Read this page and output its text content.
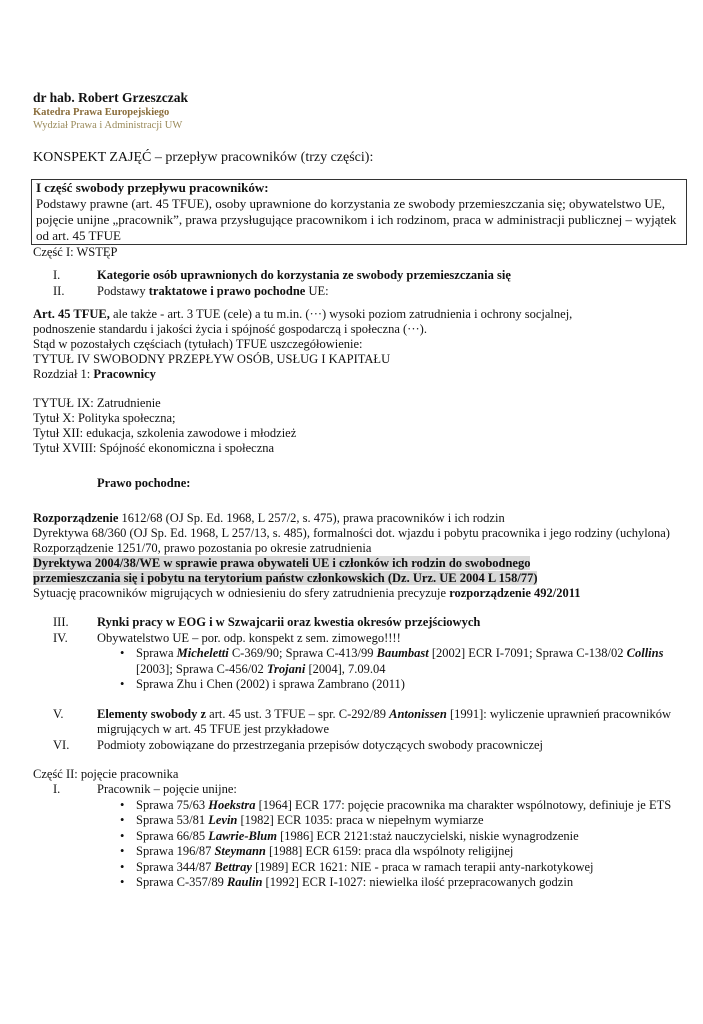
dr hab. Robert Grzeszczak
Katedra Prawa Europejskiego
Wydział Prawa i Administracji UW
KONSPEKT ZAJĘĆ – przepływ pracowników (trzy części):
I część swobody przepływu pracowników:
Podstawy prawne (art. 45 TFUE), osoby uprawnione do korzystania ze swobody przemieszczania się; obywatelstwo UE, pojęcie unijne „pracownik”, prawa przysługujące pracownikom i ich rodzinom, praca w administracji publicznej – wyjątek od art. 45 TFUE
Część I: WSTĘP
I.	Kategorie osób uprawnionych do korzystania ze swobody przemieszczania się
II.	Podstawy traktatowe i prawo pochodne UE:
Art. 45 TFUE, ale także - art. 3 TUE (cele) a tu m.in. (···) wysoki poziom zatrudnienia i ochrony socjalnej,
podnoszenie standardu i jakości życia i spójność gospodarczą i społeczna (···).
Stąd w pozostałych częściach (tytułach) TFUE uszczegółowienie:
TYTUŁ IV SWOBODNY PRZEPŁYW OSÓB, USŁUG I KAPITAŁU
Rozdział 1: Pracownicy
TYTUŁ IX: Zatrudnienie
Tytuł X: Polityka społeczna;
Tytuł XII: edukacja, szkolenia zawodowe i młodzież
Tytuł XVIII: Spójność ekonomiczna i społeczna
Prawo pochodne:
Rozporządzenie 1612/68 (OJ Sp. Ed. 1968, L 257/2, s. 475), prawa pracowników i ich rodzin
Dyrektywa 68/360 (OJ Sp. Ed. 1968, L 257/13, s. 485), formalności dot. wjazdu i pobytu pracownika i jego rodziny (uchylona)
Rozporządzenie 1251/70, prawo pozostania po okresie zatrudnienia
Dyrektywa 2004/38/WE w sprawie prawa obywateli UE i członków ich rodzin do swobodnego
przemieszczania się i pobytu na terytorium państw członkowskich (Dz. Urz. UE 2004 L 158/77)
Sytuację pracowników migrujących w odniesieniu do sfery zatrudnienia precyzuje rozporządzenie 492/2011
III.	Rynki pracy w EOG i w Szwajcarii oraz kwestia okresów przejściowych
IV.	Obywatelstwo UE – por. odp. konspekt z sem. zimowego!!!!
• Sprawa Micheletti C-369/90; Sprawa C-413/99 Baumbast [2002] ECR I-7091; Sprawa C-138/02 Collins [2003]; Sprawa C-456/02 Trojani [2004], 7.09.04
• Sprawa Zhu i Chen (2002) i sprawa Zambrano (2011)
V.	Elementy swobody z art. 45 ust. 3 TFUE – spr. C-292/89 Antonissen [1991]: wyliczenie uprawnień pracowników migrujących w art. 45 TFUE jest przykładowe
VI.	Podmioty zobowiązane do przestrzegania przepisów dotyczących swobody pracowniczej
Część II: pojęcie pracownika
I.	Pracownik – pojęcie unijne:
• Sprawa 75/63 Hoekstra [1964] ECR 177: pojęcie pracownika ma charakter wspólnotowy, definiuje je ETS
• Sprawa 53/81 Levin [1982] ECR 1035: praca w niepełnym wymiarze
• Sprawa 66/85 Lawrie-Blum [1986] ECR 2121:staż nauczycielski, niskie wynagrodzenie
• Sprawa 196/87 Steymann [1988] ECR 6159: praca dla wspólnoty religijnej
• Sprawa 344/87 Bettray [1989] ECR 1621: NIE - praca w ramach terapii anty-narkotykowej
• Sprawa C-357/89 Raulin [1992] ECR I-1027: niewielka ilość przepracowanych godzin
